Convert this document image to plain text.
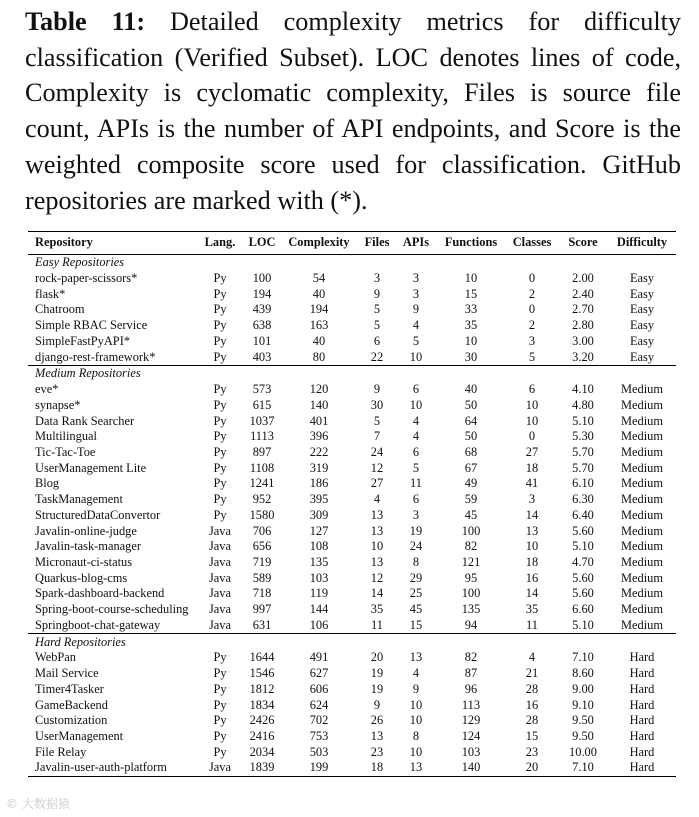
Table 11: Detailed complexity metrics for difficulty classification (Verified Subset). LOC denotes lines of code, Complexity is cyclomatic complexity, Files is source file count, APIs is the number of API endpoints, and Score is the weighted composite score used for classification. GitHub repositories are marked with (*).
Repository	Lang.	LOC	Complexity	Files	APIs	Functions	Classes	Score	Difficulty
Easy Repositories									
rock-paper-scissors*	Py	100	54	3	3	10	0	2.00	Easy
flask*	Py	194	40	9	3	15	2	2.40	Easy
Chatroom	Py	439	194	5	9	33	0	2.70	Easy
Simple RBAC Service	Py	638	163	5	4	35	2	2.80	Easy
SimpleFastPyAPI*	Py	101	40	6	5	10	3	3.00	Easy
django-rest-framework*	Py	403	80	22	10	30	5	3.20	Easy
Medium Repositories									
eve*	Py	573	120	9	6	40	6	4.10	Medium
synapse*	Py	615	140	30	10	50	10	4.80	Medium
Data Rank Searcher	Py	1037	401	5	4	64	10	5.10	Medium
Multilingual	Py	1113	396	7	4	50	0	5.30	Medium
Tic-Tac-Toe	Py	897	222	24	6	68	27	5.70	Medium
UserManagement Lite	Py	1108	319	12	5	67	18	5.70	Medium
Blog	Py	1241	186	27	11	49	41	6.10	Medium
TaskManagement	Py	952	395	4	6	59	3	6.30	Medium
StructuredDataConvertor	Py	1580	309	13	3	45	14	6.40	Medium
Javalin-online-judge	Java	706	127	13	19	100	13	5.60	Medium
Javalin-task-manager	Java	656	108	10	24	82	10	5.10	Medium
Micronaut-ci-status	Java	719	135	13	8	121	18	4.70	Medium
Quarkus-blog-cms	Java	589	103	12	29	95	16	5.60	Medium
Spark-dashboard-backend	Java	718	119	14	25	100	14	5.60	Medium
Spring-boot-course-scheduling	Java	997	144	35	45	135	35	6.60	Medium
Springboot-chat-gateway	Java	631	106	11	15	94	11	5.10	Medium
Hard Repositories									
WebPan	Py	1644	491	20	13	82	4	7.10	Hard
Mail Service	Py	1546	627	19	4	87	21	8.60	Hard
Timer4Tasker	Py	1812	606	19	9	96	28	9.00	Hard
GameBackend	Py	1834	624	9	10	113	16	9.10	Hard
Customization	Py	2426	702	26	10	129	28	9.50	Hard
UserManagement	Py	2416	753	13	8	124	15	9.50	Hard
File Relay	Py	2034	503	23	10	103	23	10.00	Hard
Javalin-user-auth-platform	Java	1839	199	18	13	140	20	7.10	Hard
© 大数据猿
